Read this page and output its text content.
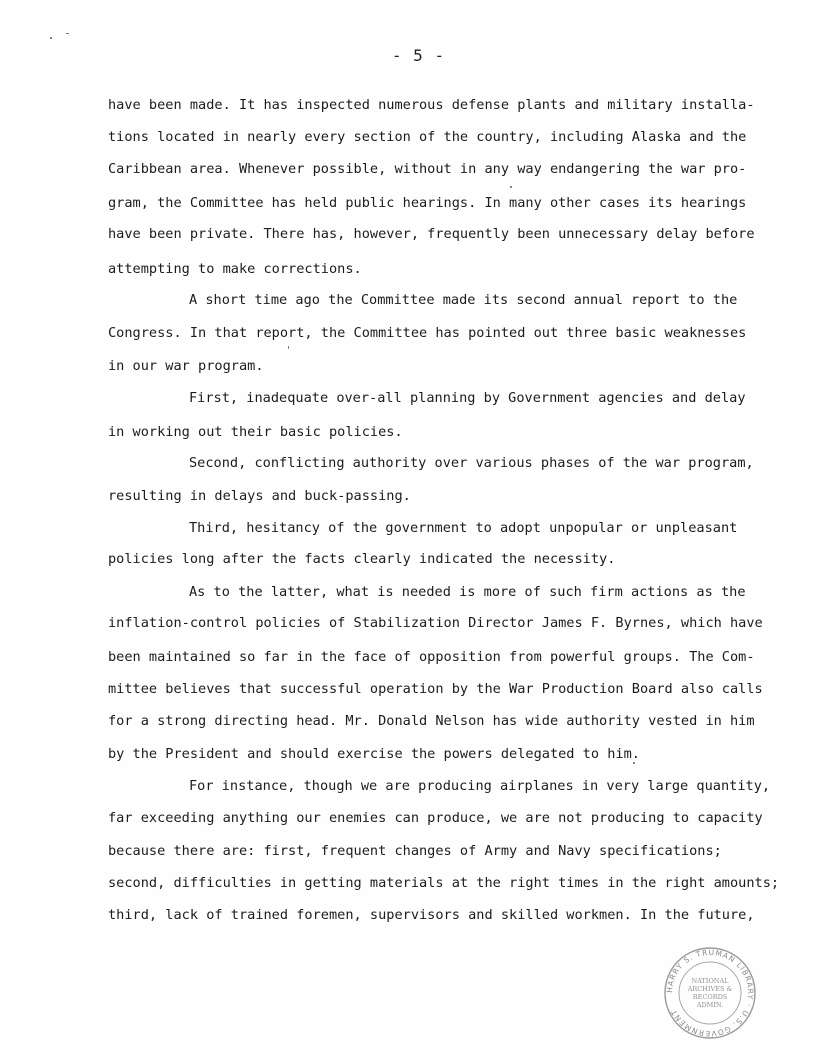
- 5 -
have been made. It has inspected numerous defense plants and military installa-
tions located in nearly every section of the country, including Alaska and the
Caribbean area. Whenever possible, without in any way endangering the war pro-
gram, the Committee has held public hearings. In many other cases its hearings
have been private. There has, however, frequently been unnecessary delay before
attempting to make corrections.
A short time ago the Committee made its second annual report to the
Congress. In that report, the Committee has pointed out three basic weaknesses
in our war program.
First, inadequate over-all planning by Government agencies and delay
in working out their basic policies.
Second, conflicting authority over various phases of the war program,
resulting in delays and buck-passing.
Third, hesitancy of the government to adopt unpopular or unpleasant
policies long after the facts clearly indicated the necessity.
As to the latter, what is needed is more of such firm actions as the
inflation-control policies of Stabilization Director James F. Byrnes, which have
been maintained so far in the face of opposition from powerful groups. The Com-
mittee believes that successful operation by the War Production Board also calls
for a strong directing head. Mr. Donald Nelson has wide authority vested in him
by the President and should exercise the powers delegated to him.
For instance, though we are producing airplanes in very large quantity,
far exceeding anything our enemies can produce, we are not producing to capacity
because there are: first, frequent changes of Army and Navy specifications;
second, difficulties in getting materials at the right times in the right amounts;
third, lack of trained foremen, supervisors and skilled workmen. In the future,
HARRY S. TRUMAN LIBRARY · U.S. GOVERNMENT
NATIONAL
ARCHIVES &
RECORDS
ADMIN.
